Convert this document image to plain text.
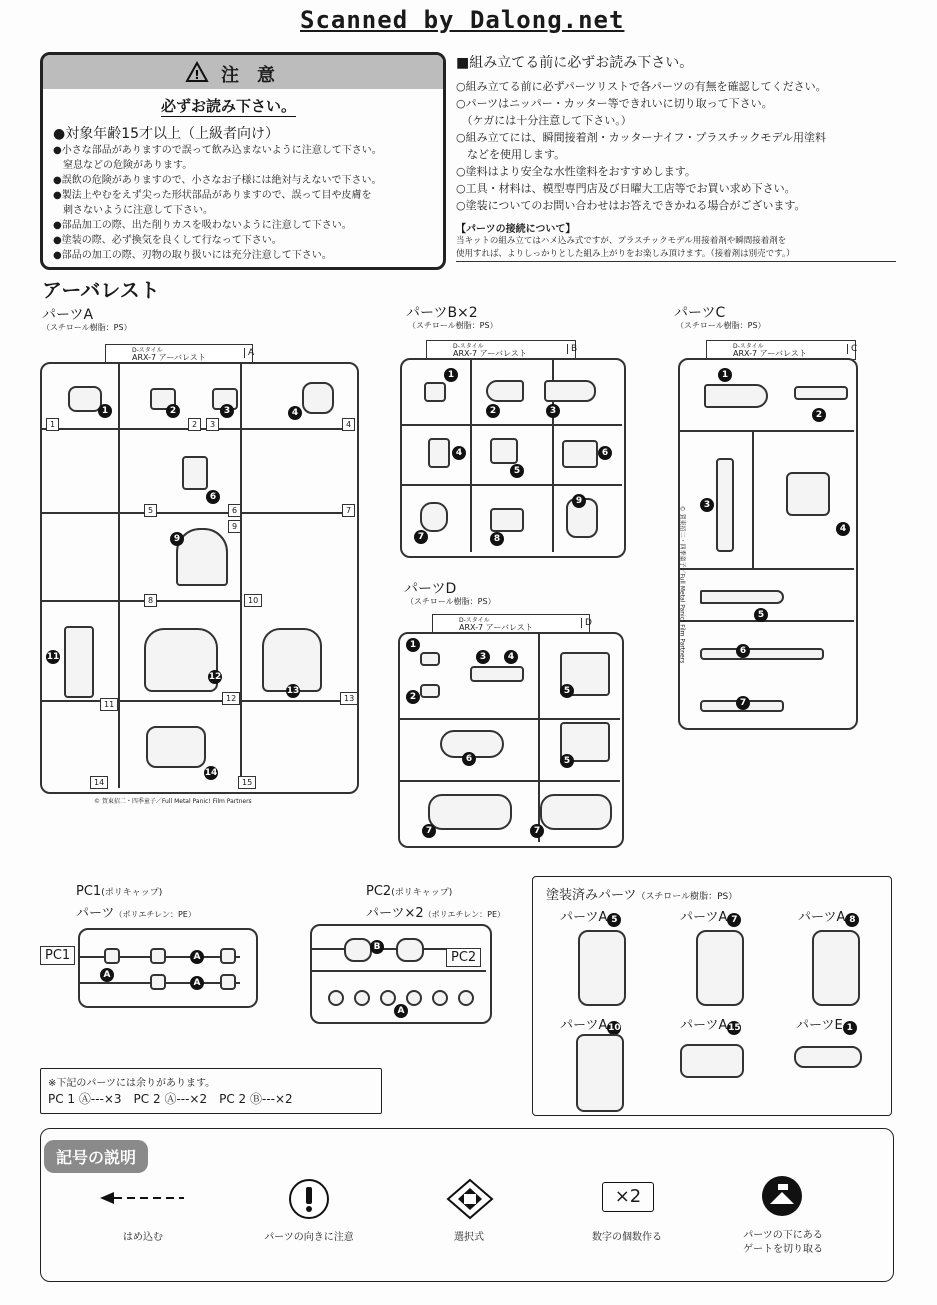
Scanned by Dalong.net
! 注　意
必ずお読み下さい。
●対象年齢15才以上（上級者向け）
●小さな部品がありますので誤って飲み込まないように注意して下さい。
　窒息などの危険があります。
●誤飲の危険がありますので、小さなお子様には絶対与えないで下さい。
●製法上やむをえず尖った形状部品がありますので、誤って目や皮膚を
　刺さないように注意して下さい。
●部品加工の際、出た削りカスを吸わないように注意して下さい。
●塗装の際、必ず換気を良くして行なって下さい。
●部品の加工の際、刃物の取り扱いには充分注意して下さい。
■組み立てる前に必ずお読み下さい。
○組み立てる前に必ずパーツリストで各パーツの有無を確認してください。
○パーツはニッパー・カッター等できれいに切り取って下さい。
　（ケガには十分注意して下さい。）
○組み立てには、瞬間接着剤・カッターナイフ・プラスチックモデル用塗料
　などを使用します。
○塗料はより安全な水性塗料をおすすめします。
○工具・材料は、模型専門店及び日曜大工店等でお買い求め下さい。
○塗装についてのお問い合わせはお答えできかねる場合がございます。
【パーツの接続について】
当キットの組み立てはハメ込み式ですが、プラスチックモデル用接着剤や瞬間接着剤を
使用すれば、よりしっかりとした組み上がりをお楽しみ頂けます。（接着剤は別売です。）
アーバレスト
パーツA
（スチロール樹脂：PS）
D-スタイル
ARX-7 アーバレスト	A
1	2	3	4
6
9
11
12
13
14
1	2	3	4
5	6	7
8
9
10
11
12	13
14	15
© 賀東招二・四季童子／Full Metal Panic! Film Partners
パーツB×2
（スチロール樹脂：PS）
D-スタイル
ARX-7 アーバレスト	B
1
2	3
4
5
6
7	8
9
パーツC
（スチロール樹脂：PS）
D-スタイル
ARX-7 アーバレスト	C
1
2
3
4
5
6
7
© 賀東招二・四季童子／Full Metal Panic! Film Partners
パーツD
（スチロール樹脂：PS）
D-スタイル
ARX-7 アーバレスト	D
1
2
3	4
5
5
6
7	7
PC1(ポリキャップ)
パーツ（ポリエチレン：PE）
PC1
A
A
A
PC2(ポリキャップ)
パーツ×2（ポリエチレン：PE）
PC2
B
A
塗装済みパーツ（スチロール樹脂：PS）
パーツA 5	パーツA 7	パーツA 8
パーツA10	パーツA15	パーツE 1
※下記のパーツには余りがあります。
PC 1 Ⓐ---×3　PC 2 Ⓐ---×2　PC 2 Ⓑ---×2
記号の説明
はめ込む	パーツの向きに注意	選択式
×2
数字の個数作る	パーツの下にある
ゲートを切り取る
